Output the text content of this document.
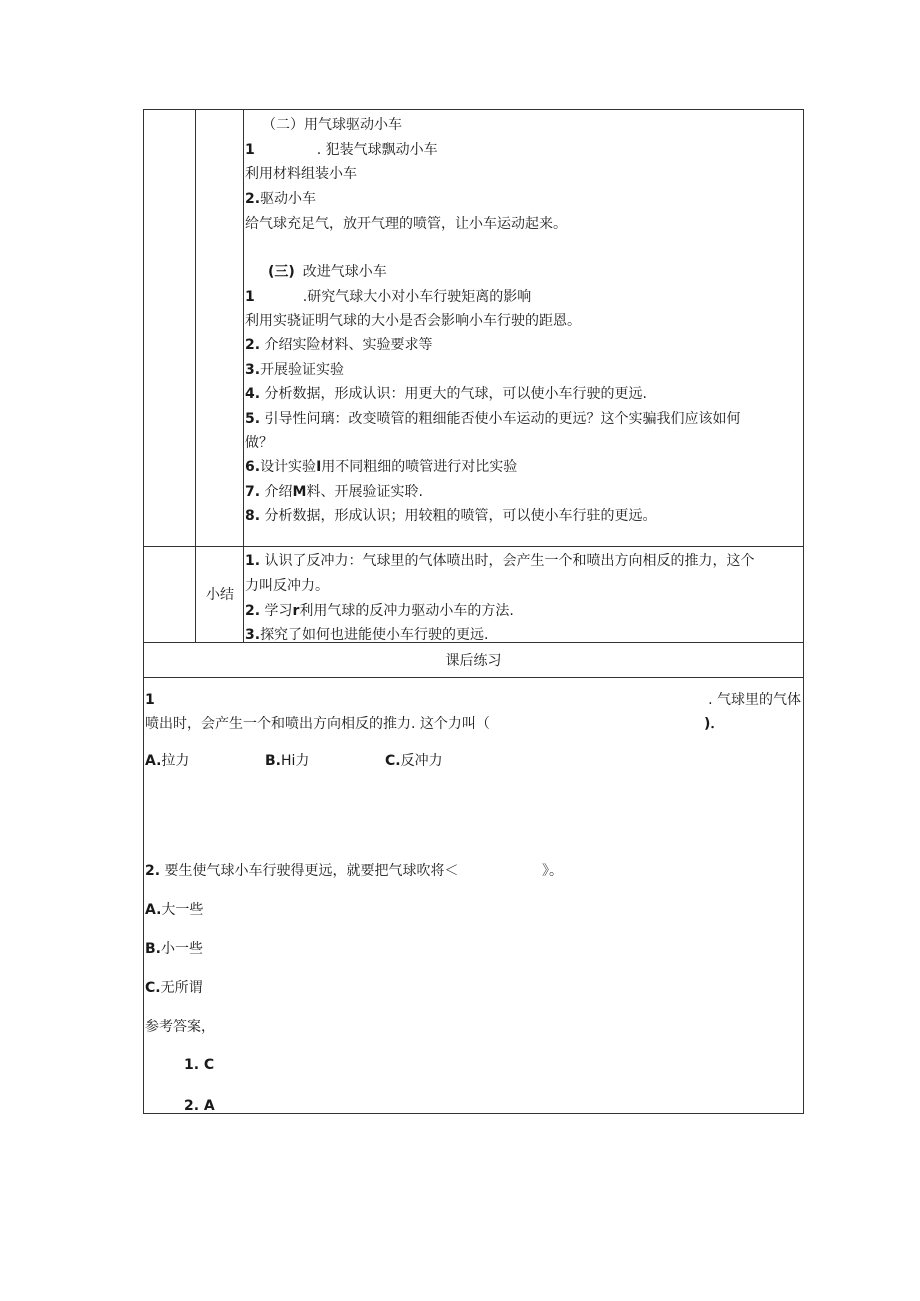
（二）用气球驱动小车
1	. 犯装气球飘动小车
利用材料组装小车
2.驱动小车
给气球充足气，放开气理的喷管，让小车运动起来。
(三) 改进气球小车
1	.研究气球大小对小车行驶矩离的影响
利用实骁证明气球的大小是否会影响小车行驶的距恩。
2. 介绍实险材料、实验要求等
3.开展验证实验
4. 分析数据，形成认识：用更大的气球，可以使小车行驶的更远.
5. 引导性问璃：改变喷管的粗细能否使小车运动的更远？这个实骗我们应该如何
做？
6.设计实验I用不同粗细的喷管进行对比实验
7. 介绍M料、开展验证实聆.
8. 分析数据，形成认识；用较粗的喷管，可以使小车行驻的更远。
小结
1. 认识了反冲力：气球里的气体喷出时，会产生一个和喷出方向相反的推力，这个
力叫反冲力。
2. 学习r利用气球的反冲力驱动小车的方法.
3.探究了如何也进能使小车行驶的更远.
课后练习
1	. 气球里的气体
喷出时，会产生一个和喷出方向相反的推力. 这个力叫（	)．
A.拉力	B.Hi力	C.反冲力
2. 要生使气球小车行驶得更远，就要把气球吹将＜	》。
A.大一些
B.小一些
C.无所谓
参考答案，
1. C
2. A
